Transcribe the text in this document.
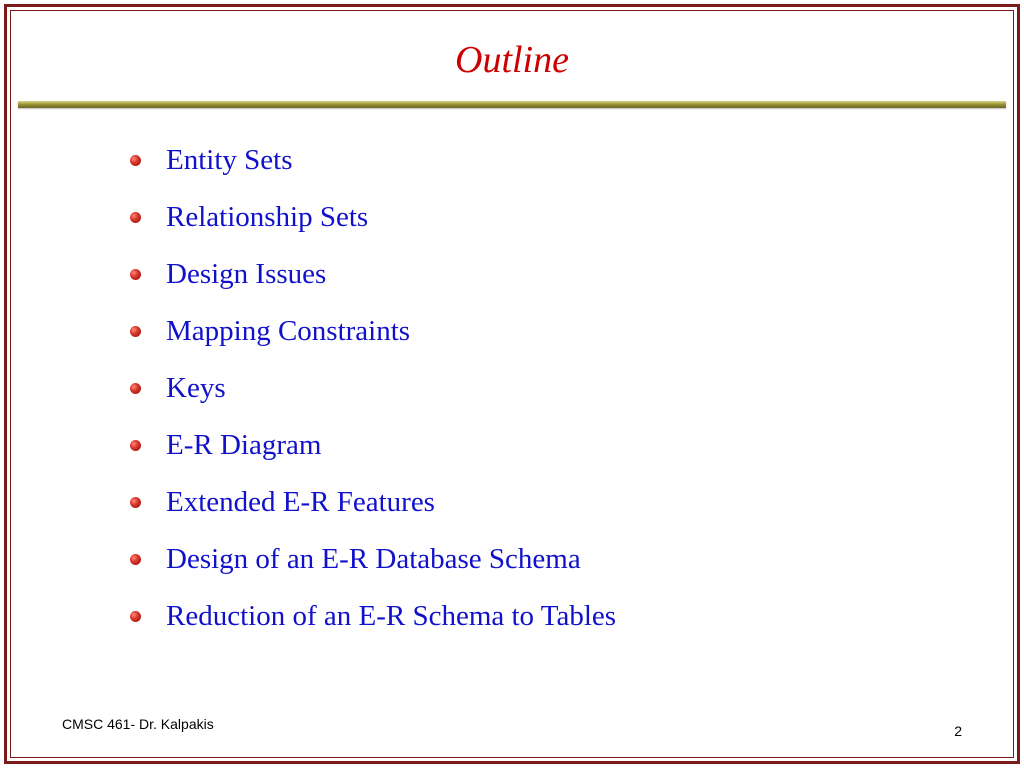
Outline
Entity Sets
Relationship Sets
Design Issues
Mapping Constraints
Keys
E-R Diagram
Extended E-R Features
Design of an E-R Database Schema
Reduction of an E-R Schema to Tables
CMSC 461- Dr. Kalpakis	2
